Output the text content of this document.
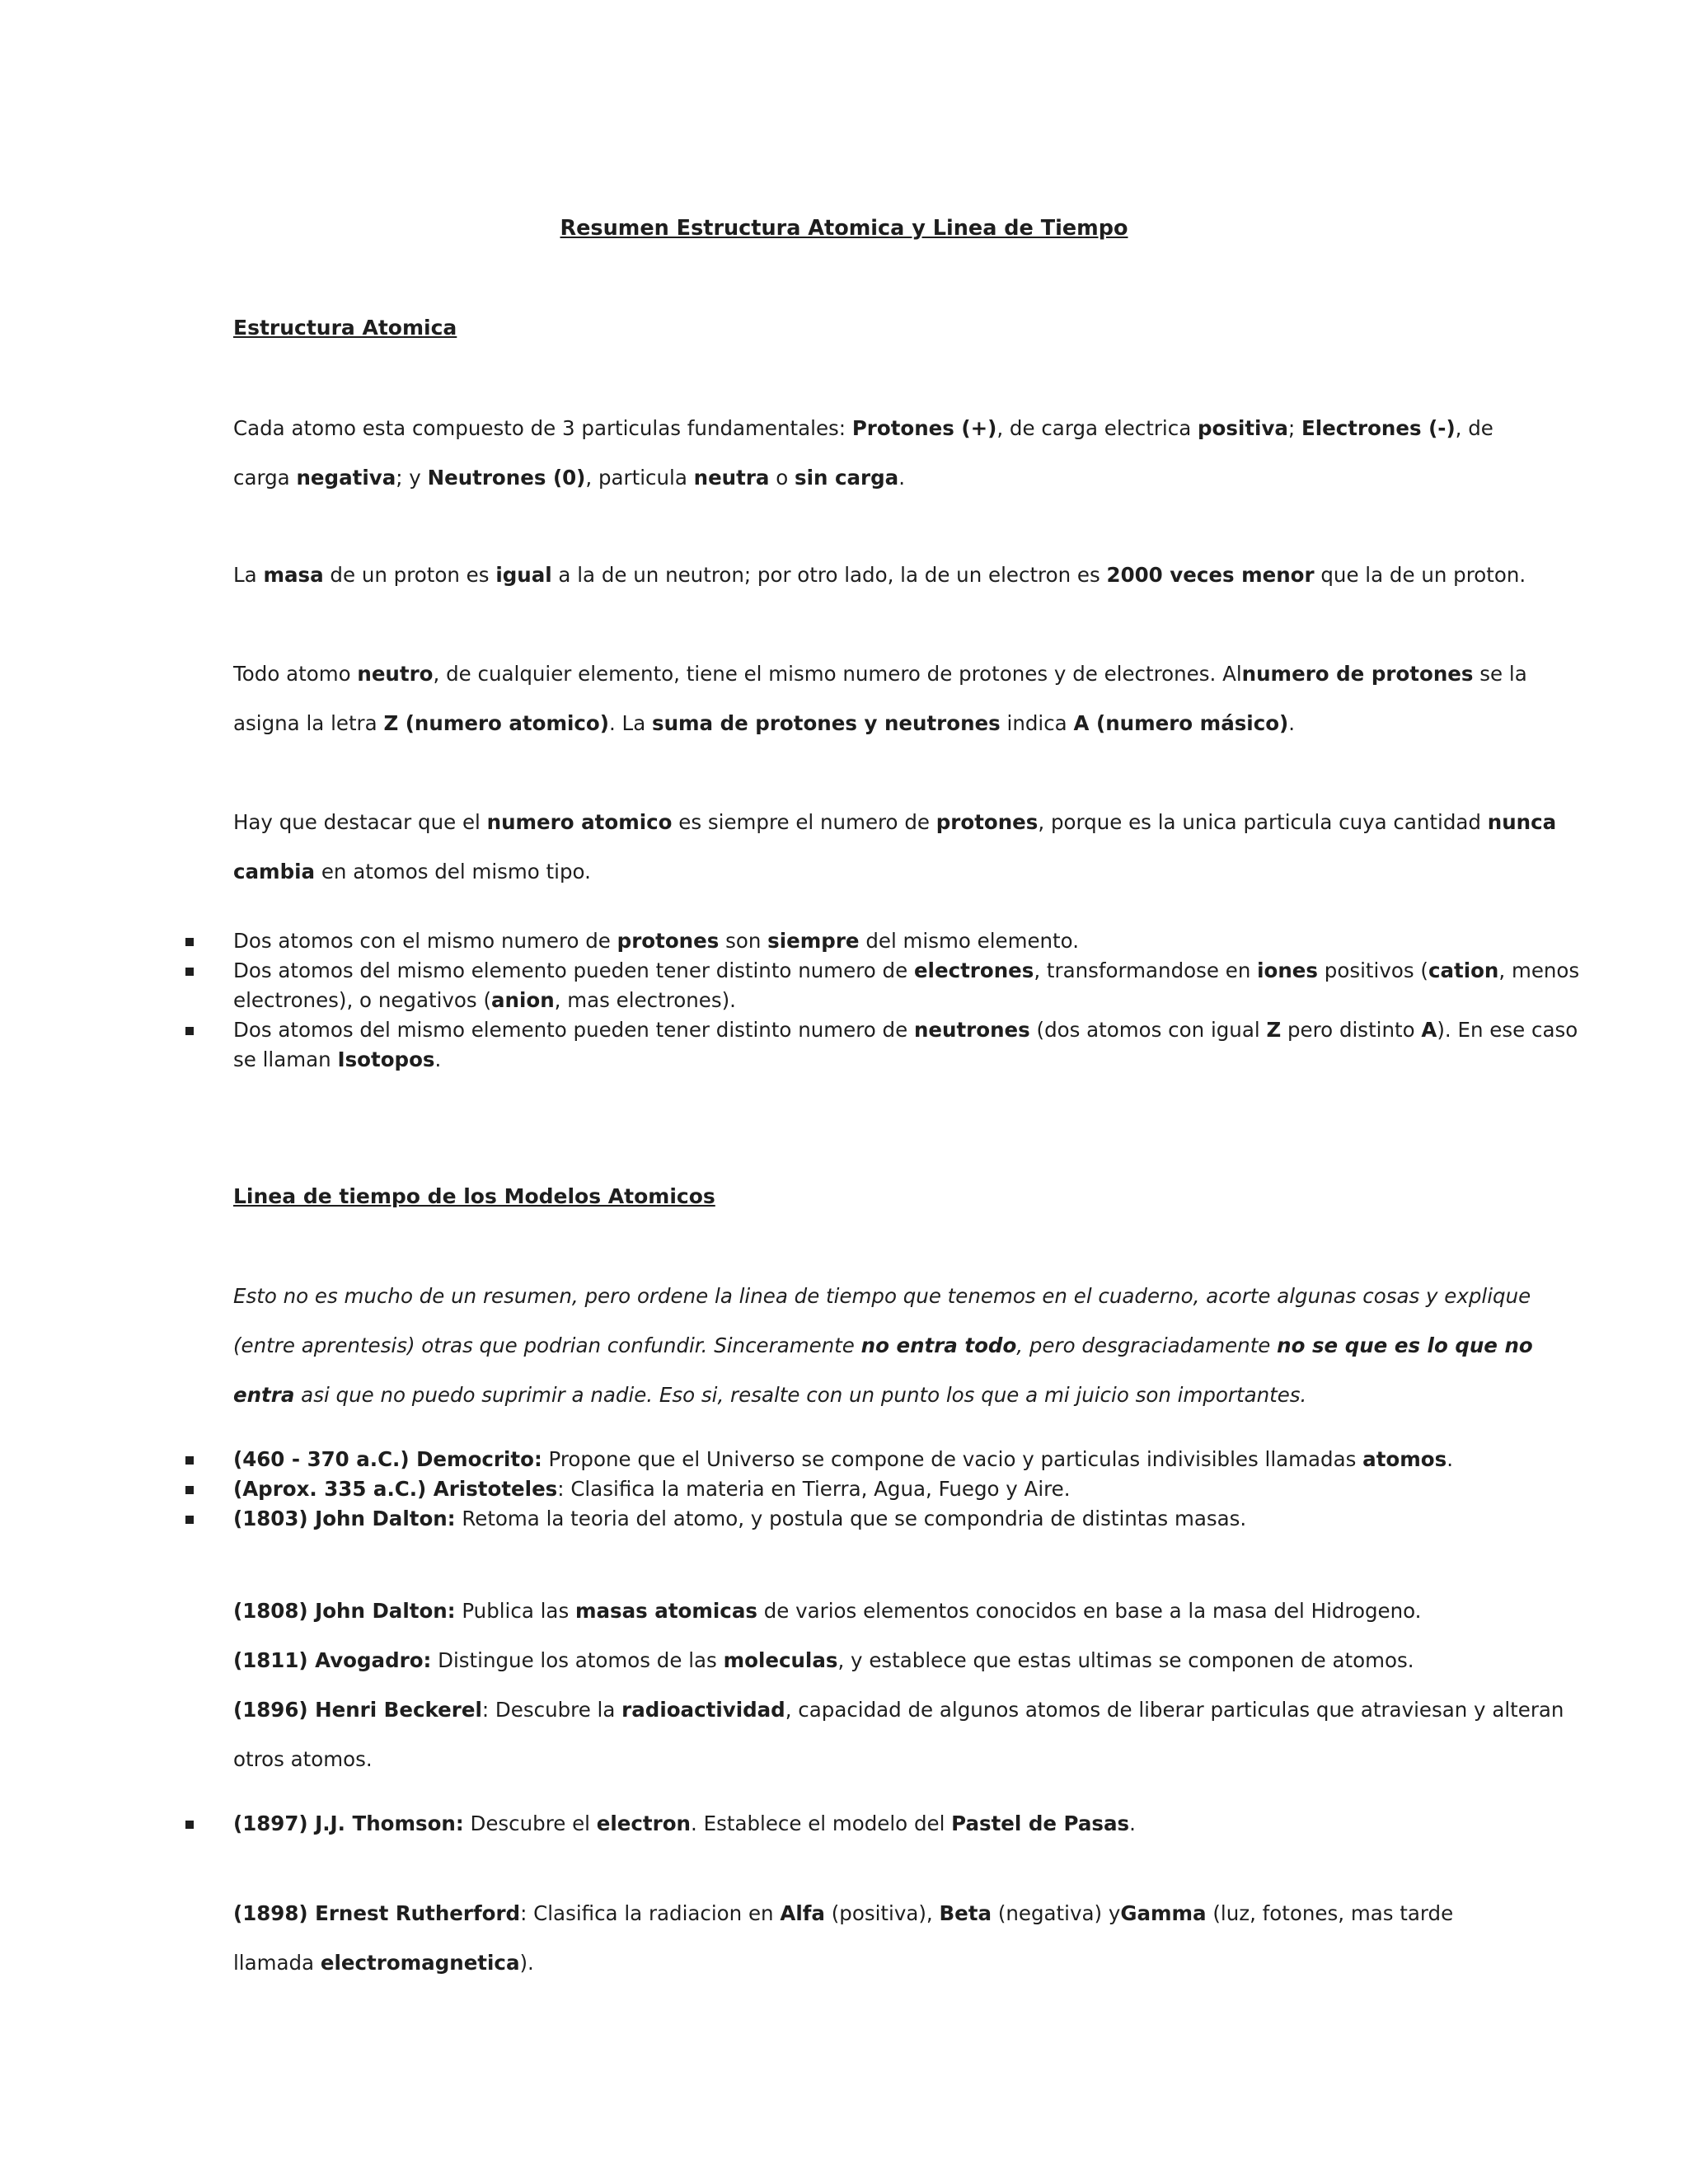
Resumen Estructura Atomica y Linea de Tiempo
Estructura Atomica
Cada atomo esta compuesto de 3 particulas fundamentales: Protones (+), de carga electrica positiva; Electrones (-), de
carga negativa; y Neutrones (0), particula neutra o sin carga.
La masa de un proton es igual a la de un neutron; por otro lado, la de un electron es 2000 veces menor que la de un proton.
Todo atomo neutro, de cualquier elemento, tiene el mismo numero de protones y de electrones. Alnumero de protones se la
asigna la letra Z (numero atomico). La suma de protones y neutrones indica A (numero másico).
Hay que destacar que el numero atomico es siempre el numero de protones, porque es la unica particula cuya cantidad nunca
cambia en atomos del mismo tipo.
Dos atomos con el mismo numero de protones son siempre del mismo elemento.
Dos atomos del mismo elemento pueden tener distinto numero de electrones, transformandose en iones positivos (cation, menos
electrones), o negativos (anion, mas electrones).
Dos atomos del mismo elemento pueden tener distinto numero de neutrones (dos atomos con igual Z pero distinto A). En ese caso
se llaman Isotopos.
Linea de tiempo de los Modelos Atomicos
Esto no es mucho de un resumen, pero ordene la linea de tiempo que tenemos en el cuaderno, acorte algunas cosas y explique
(entre aprentesis) otras que podrian confundir. Sinceramente no entra todo, pero desgraciadamente no se que es lo que no
entra asi que no puedo suprimir a nadie. Eso si, resalte con un punto los que a mi juicio son importantes.
(460 - 370 a.C.) Democrito: Propone que el Universo se compone de vacio y particulas indivisibles llamadas atomos.
(Aprox. 335 a.C.) Aristoteles: Clasifica la materia en Tierra, Agua, Fuego y Aire.
(1803) John Dalton: Retoma la teoria del atomo, y postula que se compondria de distintas masas.
(1808) John Dalton: Publica las masas atomicas de varios elementos conocidos en base a la masa del Hidrogeno.
(1811) Avogadro: Distingue los atomos de las moleculas, y establece que estas ultimas se componen de atomos.
(1896) Henri Beckerel: Descubre la radioactividad, capacidad de algunos atomos de liberar particulas que atraviesan y alteran
otros atomos.
(1897) J.J. Thomson: Descubre el electron. Establece el modelo del Pastel de Pasas.
(1898) Ernest Rutherford: Clasifica la radiacion en Alfa (positiva), Beta (negativa) yGamma (luz, fotones, mas tarde
llamada electromagnetica).
